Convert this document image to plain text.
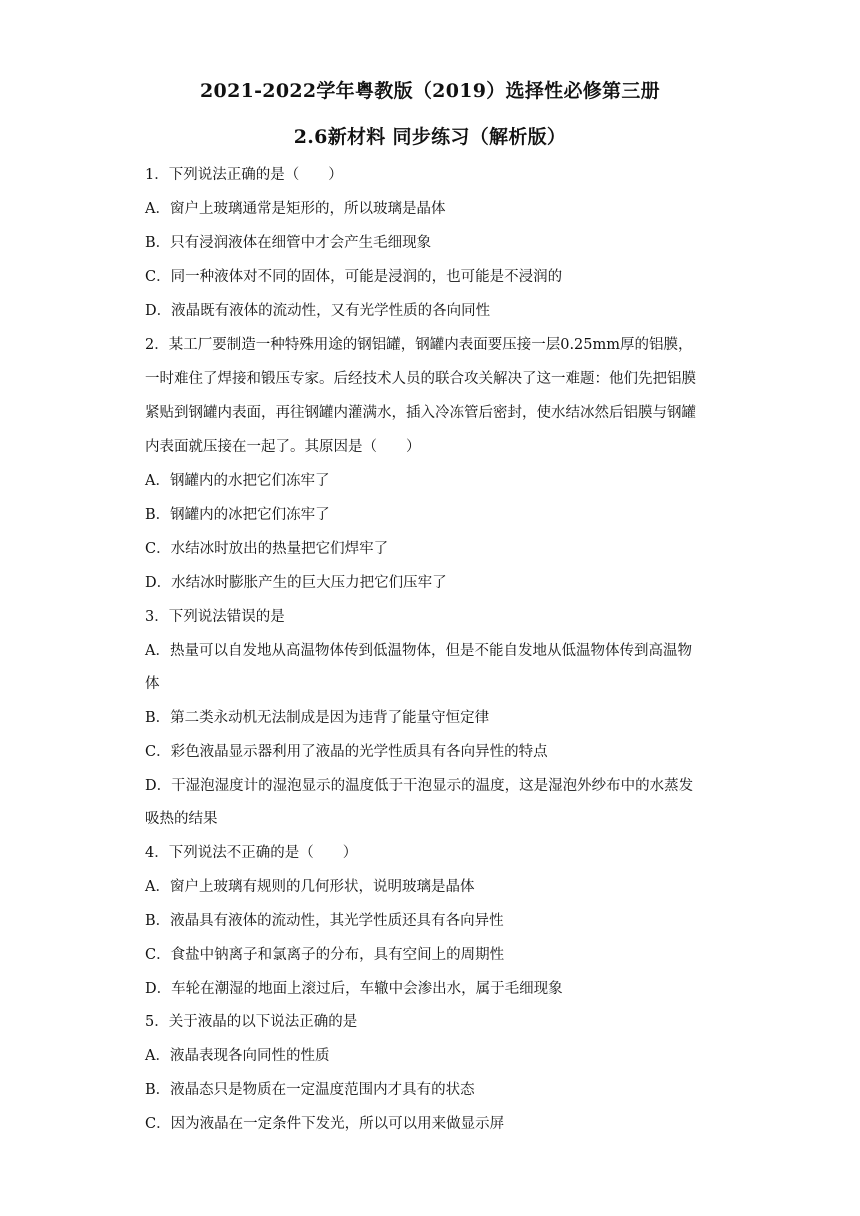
2021-2022学年粤教版（2019）选择性必修第三册
2.6新材料 同步练习（解析版）
1．下列说法正确的是（　　）
A．窗户上玻璃通常是矩形的，所以玻璃是晶体
B．只有浸润液体在细管中才会产生毛细现象
C．同一种液体对不同的固体，可能是浸润的，也可能是不浸润的
D．液晶既有液体的流动性，又有光学性质的各向同性
2．某工厂要制造一种特殊用途的钢铝罐，钢罐内表面要压接一层0.25mm厚的铝膜，
一时难住了焊接和锻压专家。后经技术人员的联合攻关解决了这一难题：他们先把铝膜
紧贴到钢罐内表面，再往钢罐内灌满水，插入冷冻管后密封，使水结冰然后铝膜与钢罐
内表面就压接在一起了。其原因是（　　）
A．钢罐内的水把它们冻牢了
B．钢罐内的冰把它们冻牢了
C．水结冰时放出的热量把它们焊牢了
D．水结冰时膨胀产生的巨大压力把它们压牢了
3．下列说法错误的是
A．热量可以自发地从高温物体传到低温物体，但是不能自发地从低温物体传到高温物
体
B．第二类永动机无法制成是因为违背了能量守恒定律
C．彩色液晶显示器利用了液晶的光学性质具有各向异性的特点
D．干湿泡湿度计的湿泡显示的温度低于干泡显示的温度，这是湿泡外纱布中的水蒸发
吸热的结果
4．下列说法不正确的是（　　）
A．窗户上玻璃有规则的几何形状，说明玻璃是晶体
B．液晶具有液体的流动性，其光学性质还具有各向异性
C．食盐中钠离子和氯离子的分布，具有空间上的周期性
D．车轮在潮湿的地面上滚过后，车辙中会渗出水，属于毛细现象
5．关于液晶的以下说法正确的是
A．液晶表现各向同性的性质
B．液晶态只是物质在一定温度范围内才具有的状态
C．因为液晶在一定条件下发光，所以可以用来做显示屏
